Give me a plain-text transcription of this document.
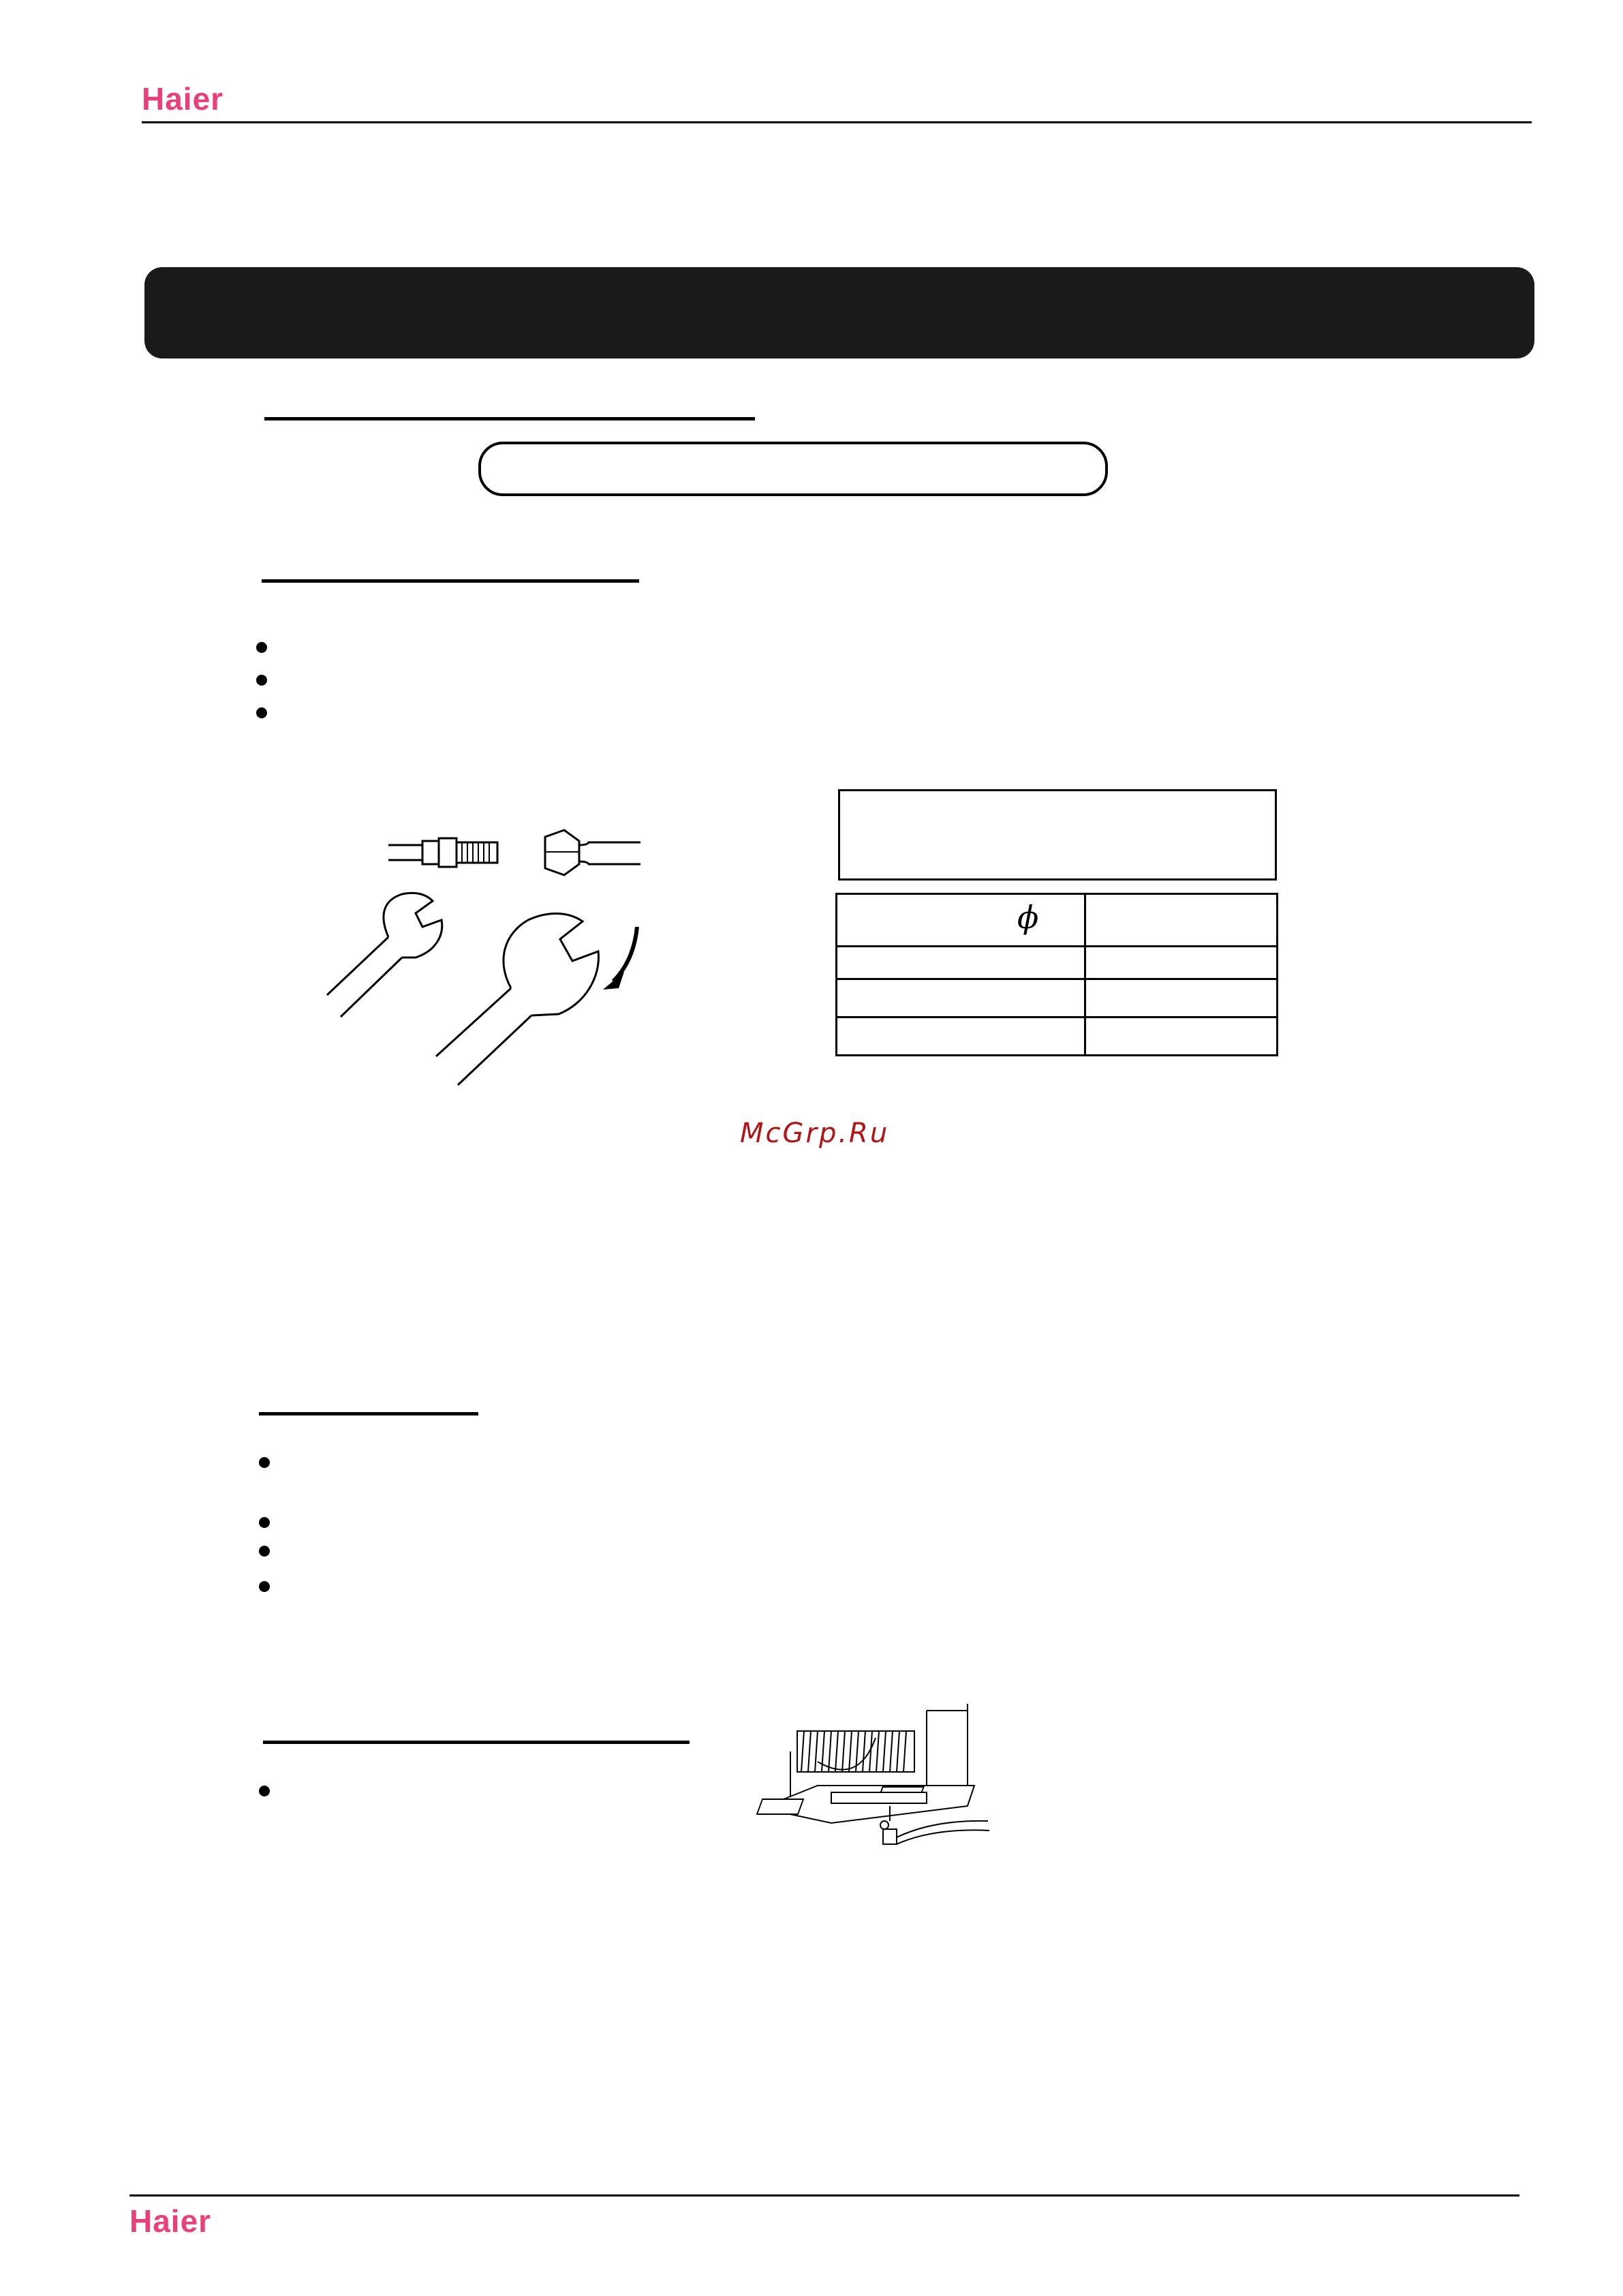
Haier
ϕ
McGrp.Ru
Haier
